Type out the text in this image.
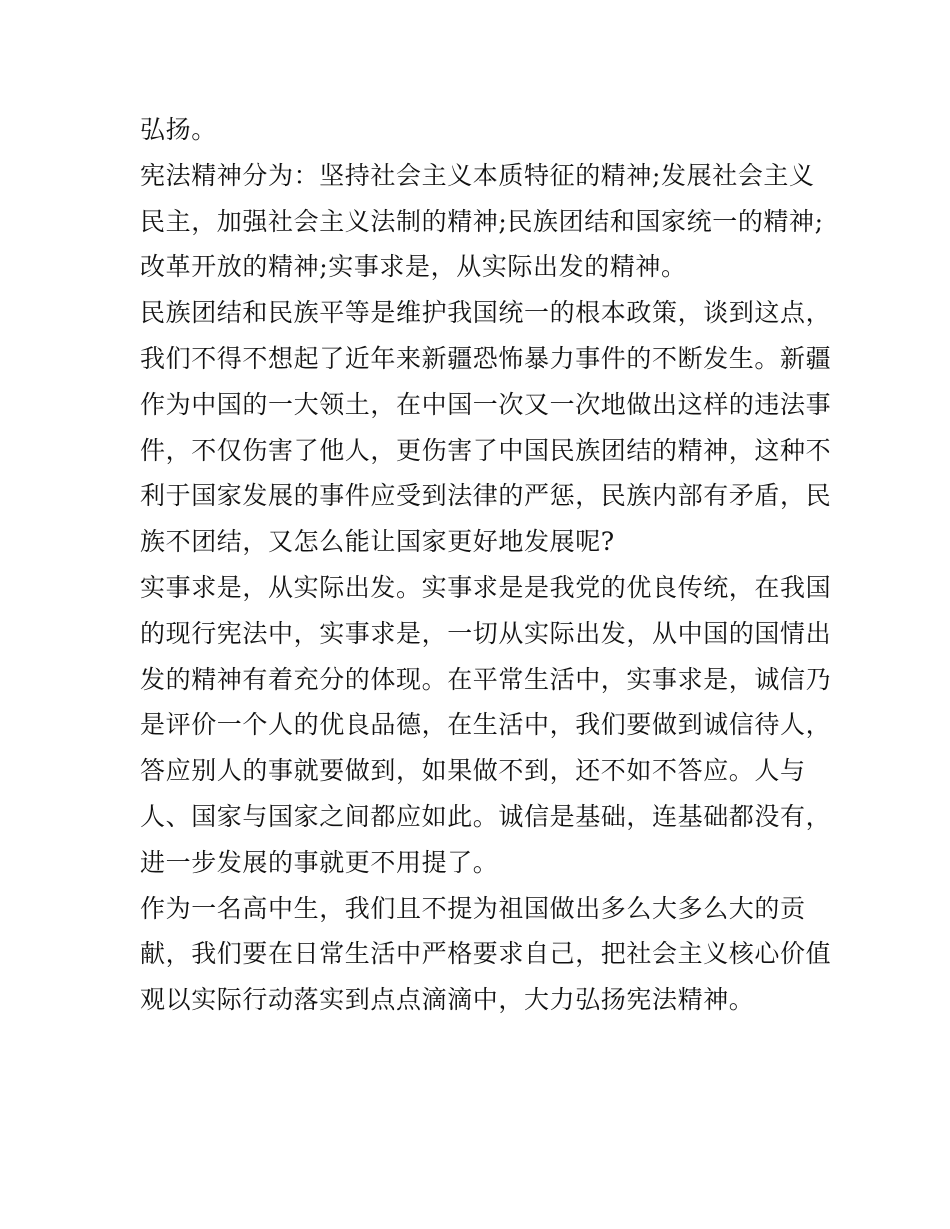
弘扬。
宪法精神分为：坚持社会主义本质特征的精神;发展社会主义
民主，加强社会主义法制的精神;民族团结和国家统一的精神;
改革开放的精神;实事求是，从实际出发的精神。
民族团结和民族平等是维护我国统一的根本政策，谈到这点，
我们不得不想起了近年来新疆恐怖暴力事件的不断发生。新疆
作为中国的一大领土，在中国一次又一次地做出这样的违法事
件，不仅伤害了他人，更伤害了中国民族团结的精神，这种不
利于国家发展的事件应受到法律的严惩，民族内部有矛盾，民
族不团结，又怎么能让国家更好地发展呢?
实事求是，从实际出发。实事求是是我党的优良传统，在我国
的现行宪法中，实事求是，一切从实际出发，从中国的国情出
发的精神有着充分的体现。在平常生活中，实事求是，诚信乃
是评价一个人的优良品德，在生活中，我们要做到诚信待人，
答应别人的事就要做到，如果做不到，还不如不答应。人与
人、国家与国家之间都应如此。诚信是基础，连基础都没有，
进一步发展的事就更不用提了。
作为一名高中生，我们且不提为祖国做出多么大多么大的贡
献，我们要在日常生活中严格要求自己，把社会主义核心价值
观以实际行动落实到点点滴滴中，大力弘扬宪法精神。
